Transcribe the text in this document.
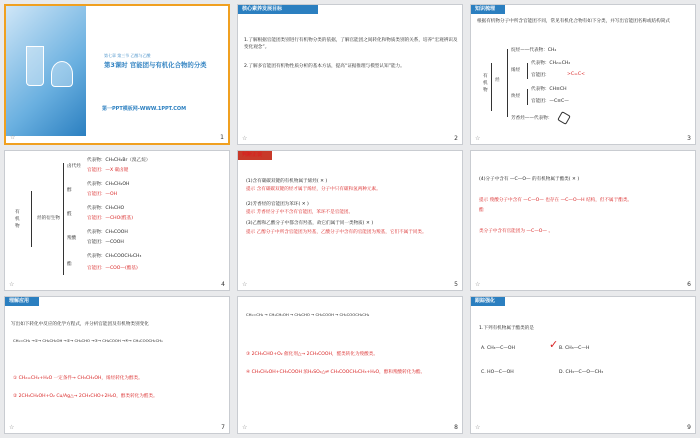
第七章 第三节 乙醇与乙酸
第3课时 官能团与有机化合物的分类
第一PPT模板网-WWW.1PPT.COM
☆	1
核心素养发展目标
1.了解根据官能团类别进行有机物分类的依据，了解官能团之间转化和物质类别的关系，培养“宏观辨识及变化观念”。
2.了解多官能团有机物性质分析的基本方法，提高“证据推理与模型认知”能力。
☆	2
知识梳理
根据有机物分子中所含官能团不同，常见有机化合物有如下分类，并写出官能团名称或结构简式
有机物
烃
烷烃——代表物：CH₄
烯烃
代表物：CH₂=CH₂
官能团：	>C=C<
炔烃
代表物：CH≡CH
官能团：—C≡C—
芳香烃——代表物：
☆	3
有机物
烃的衍生物
卤代烃
代表物：CH₃CH₂Br（溴乙烷）
官能团：—X 碳卤键
醇
代表物：CH₃CH₂OH
官能团：—OH
醛
代表物：CH₃CHO
官能团：—CHO(醛基)
羧酸
代表物：CH₃COOH
官能团：—COOH
酯
代表物：CH₃COOCH₂CH₃
官能团：—COO—(酯基)
☆	4
判断正误
(1)含有碳碳双键的有机物属于烯烃( ✕ )
提示 含有碳碳双键的烃才属于烯烃，分子中只有碳和氢两种元素。
(2)芳香烃的官能团为苯环( ✕ )
提示 芳香烃分子中不含有官能团，苯环不是官能团。
(3)乙醇和乙酸分子中都含有羟基，故它们属于同一类物质( ✕ )
提示 乙醇分子中所含官能团为羟基，乙酸分子中含有的官能团为羧基，它们不属于同类。
☆	5
(4)分子中含有 —C—O— 的有机物属于酯类( ✕ )
提示 羧酸分子中含有 —C—O— 也存在 —C—O—H 结构，但不属于酯类。
酯
类分子中含有官能团为 —C—O— 。
☆	6
理解应用
写出如下转化中反应的化学方程式，并分析官能团及有机物类别变化
CH₂=CH₂ →①→ CH₃CH₂OH →②→ CH₃CHO →③→ CH₃COOH →④→ CH₃COOCH₂CH₃
① CH₂=CH₂+H₂O 一定条件→ CH₃CH₂OH，烯烃转化为醇类。
② 2CH₃CH₂OH+O₂ Cu/Ag△→ 2CH₃CHO+2H₂O，醇类转化为醛类。
☆	7
CH₂=CH₂ → CH₃CH₂OH → CH₃CHO → CH₃COOH → CH₃COOCH₂CH₃
③ 2CH₃CHO+O₂ 催化剂△→ 2CH₃COOH，醛类转化为羧酸类。
④ CH₃CH₂OH+CH₃COOH 浓H₂SO₄△⇌ CH₃COOCH₂CH₃+H₂O，醇和羧酸转化为酯。
☆	8
跟踪强化
1.下列有机物属于酯类的是
A. CH₃—C—OH	B. CH₃—C—H
✓
C. HO—C—OH	D. CH₃—C—O—CH₃
☆	9
